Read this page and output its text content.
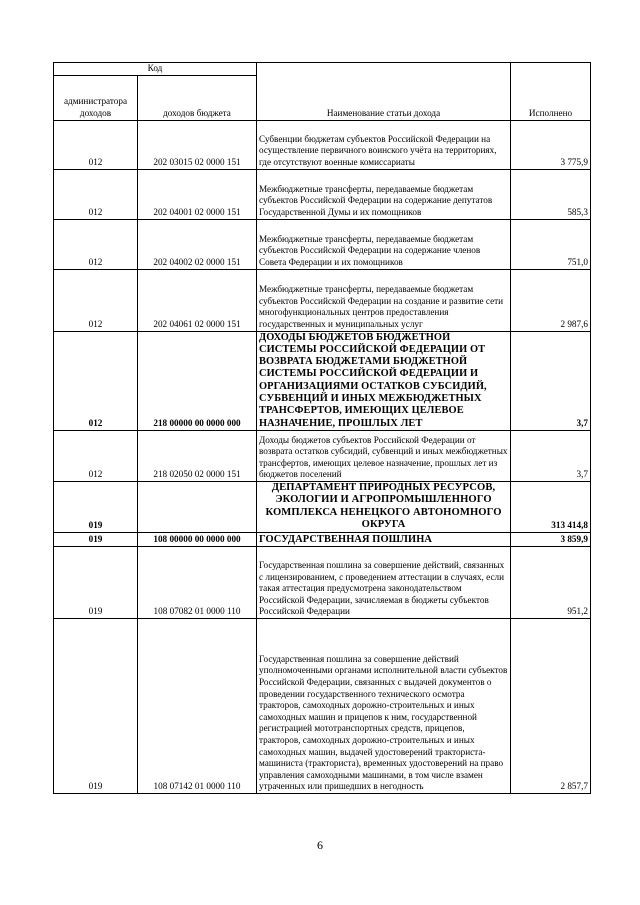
Код		Наименование статьи дохода	Исполнено
администратора доходов	доходов бюджета		
012	202 03015 02 0000 151	Субвенции бюджетам субъектов Российской Федерации на осуществление первичного воинского учёта на территориях, где отсутствуют военные комиссариаты	3 775,9
012	202 04001 02 0000 151	Межбюджетные трансферты, передаваемые бюджетам субъектов Российской Федерации на содержание депутатов Государственной Думы и их помощников	585,3
012	202 04002 02 0000 151	Межбюджетные трансферты, передаваемые бюджетам субъектов Российской Федерации на содержание членов Совета Федерации и их помощников	751,0
012	202 04061 02 0000 151	Межбюджетные трансферты, передаваемые бюджетам субъектов Российской Федерации на создание и развитие сети многофункциональных центров предоставления государственных и муниципальных услуг	2 987,6
012	218 00000 00 0000 000	ДОХОДЫ БЮДЖЕТОВ БЮДЖЕТНОЙ СИСТЕМЫ РОССИЙСКОЙ ФЕДЕРАЦИИ ОТ ВОЗВРАТА БЮДЖЕТАМИ БЮДЖЕТНОЙ СИСТЕМЫ РОССИЙСКОЙ ФЕДЕРАЦИИ И ОРГАНИЗАЦИЯМИ ОСТАТКОВ СУБСИДИЙ, СУБВЕНЦИЙ И ИНЫХ МЕЖБЮДЖЕТНЫХ ТРАНСФЕРТОВ, ИМЕЮЩИХ ЦЕЛЕВОЕ НАЗНАЧЕНИЕ, ПРОШЛЫХ ЛЕТ	3,7
012	218 02050 02 0000 151	Доходы бюджетов субъектов Российской Федерации от возврата остатков субсидий, субвенций и иных межбюджетных трансфертов, имеющих целевое назначение, прошлых лет из бюджетов поселений	3,7
019		ДЕПАРТАМЕНТ ПРИРОДНЫХ РЕСУРСОВ, ЭКОЛОГИИ И АГРОПРОМЫШЛЕННОГО КОМПЛЕКСА НЕНЕЦКОГО АВТОНОМНОГО ОКРУГА	313 414,8
019	108 00000 00 0000 000	ГОСУДАРСТВЕННАЯ ПОШЛИНА	3 859,9
019	108 07082 01 0000 110	Государственная пошлина за совершение действий, связанных с лицензированием, с проведением аттестации в случаях, если такая аттестация предусмотрена законодательством Российской Федерации, зачисляемая в бюджеты субъектов Российской Федерации	951,2
019	108 07142 01 0000 110	Государственная пошлина за совершение действий уполномоченными органами исполнительной власти субъектов Российской Федерации, связанных с выдачей документов о проведении государственного технического осмотра тракторов, самоходных дорожно-строительных и иных самоходных машин и прицепов к ним, государственной регистрацией мототранспортных средств, прицепов, тракторов, самоходных дорожно-строительных и иных самоходных машин, выдачей удостоверений тракториста-машиниста (тракториста), временных удостоверений на право управления самоходными машинами, в том числе взамен утраченных или пришедших в негодность	2 857,7
6
